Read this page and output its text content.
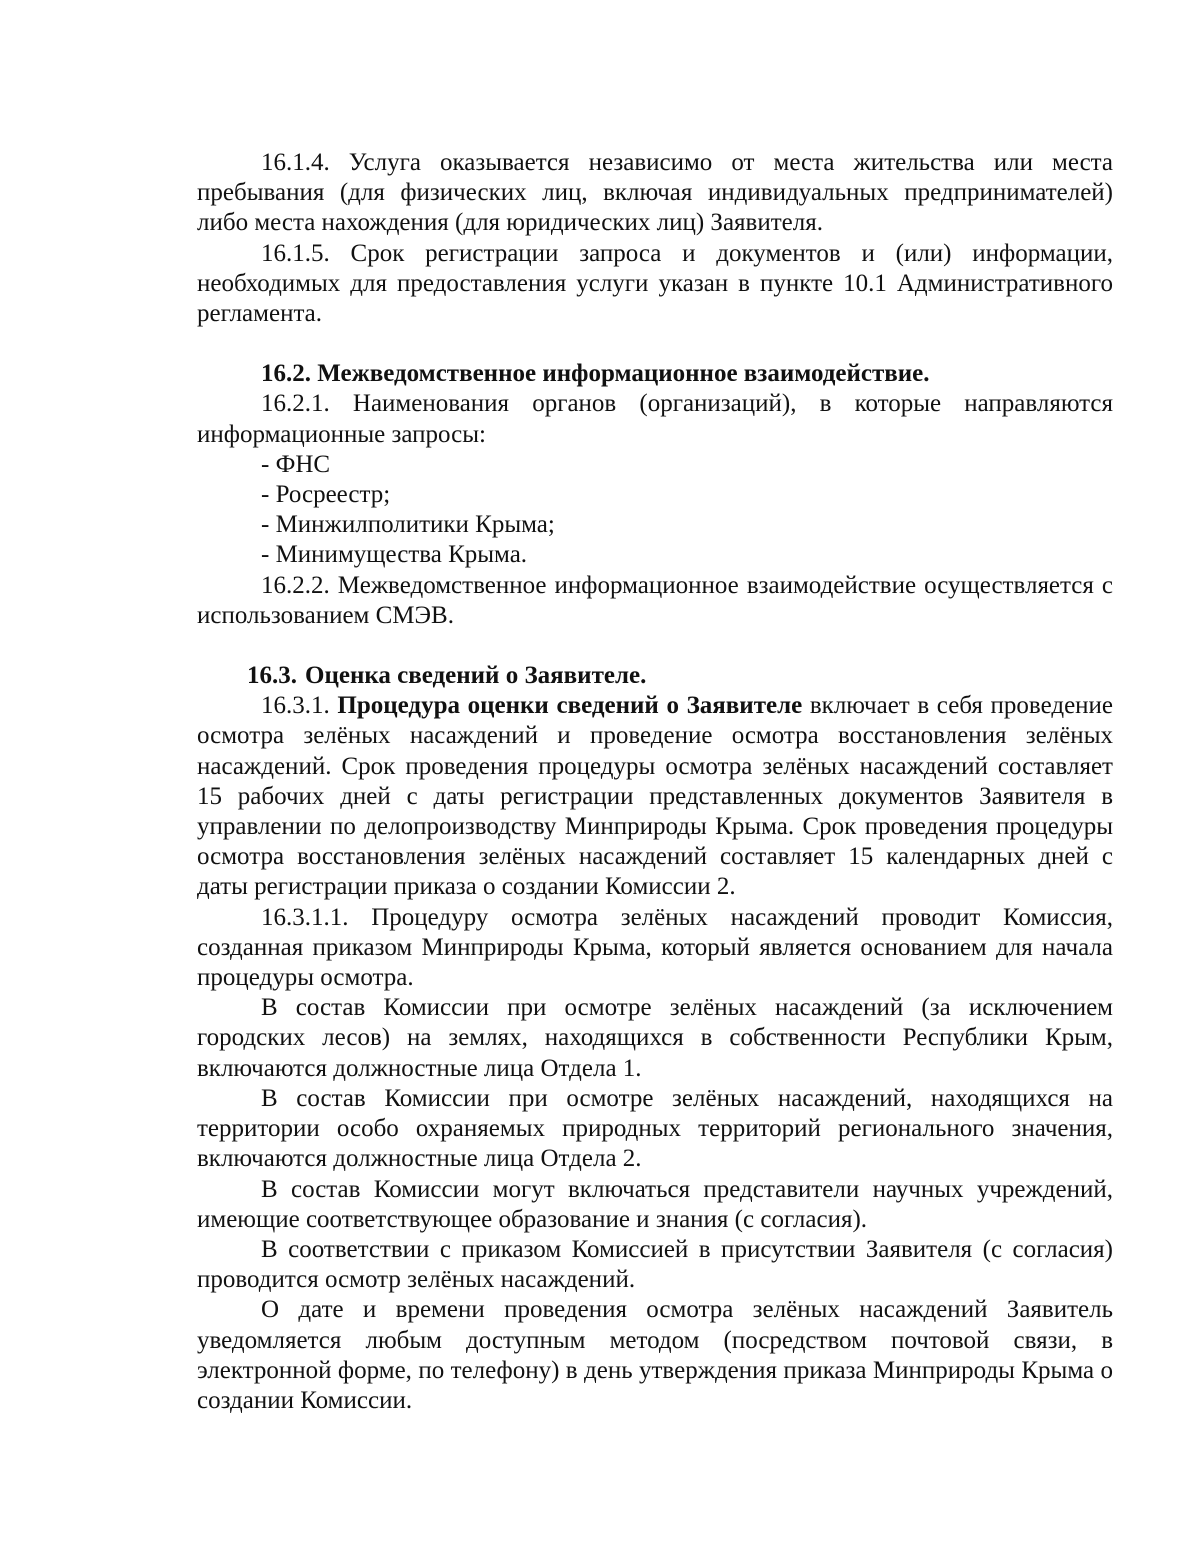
16.1.4. Услуга оказывается независимо от места жительства или места пребывания (для физических лиц, включая индивидуальных предпринимателей) либо места нахождения (для юридических лиц) Заявителя.

16.1.5. Срок регистрации запроса и документов и (или) информации, необходимых для предоставления услуги указан в пункте 10.1 Административного регламента.

16.2. Межведомственное информационное взаимодействие.

16.2.1. Наименования органов (организаций), в которые направляются информационные запросы:

- ФНС

- Росреестр;

- Минжилполитики Крыма;

- Минимущества Крыма.

16.2.2. Межведомственное информационное взаимодействие осуществляется с использованием СМЭВ.

16.3. Оценка сведений о Заявителе.

16.3.1. Процедура оценки сведений о Заявителе включает в себя проведение осмотра зелёных насаждений и проведение осмотра восстановления зелёных насаждений. Срок проведения процедуры осмотра зелёных насаждений составляет 15 рабочих дней с даты регистрации представленных документов Заявителя в управлении по делопроизводству Минприроды Крыма. Срок проведения процедуры осмотра восстановления зелёных насаждений составляет 15 календарных дней с даты регистрации приказа о создании Комиссии 2.

16.3.1.1. Процедуру осмотра зелёных насаждений проводит Комиссия, созданная приказом Минприроды Крыма, который является основанием для начала процедуры осмотра.

В состав Комиссии при осмотре зелёных насаждений (за исключением городских лесов) на землях, находящихся в собственности Республики Крым, включаются должностные лица Отдела 1.

В состав Комиссии при осмотре зелёных насаждений, находящихся на территории особо охраняемых природных территорий регионального значения, включаются должностные лица Отдела 2.

В состав Комиссии могут включаться представители научных учреждений, имеющие соответствующее образование и знания (с согласия).

В соответствии с приказом Комиссией в присутствии Заявителя (с согласия) проводится осмотр зелёных насаждений.

О дате и времени проведения осмотра зелёных насаждений Заявитель уведомляется любым доступным методом (посредством почтовой связи, в электронной форме, по телефону) в день утверждения приказа Минприроды Крыма о создании Комиссии.
